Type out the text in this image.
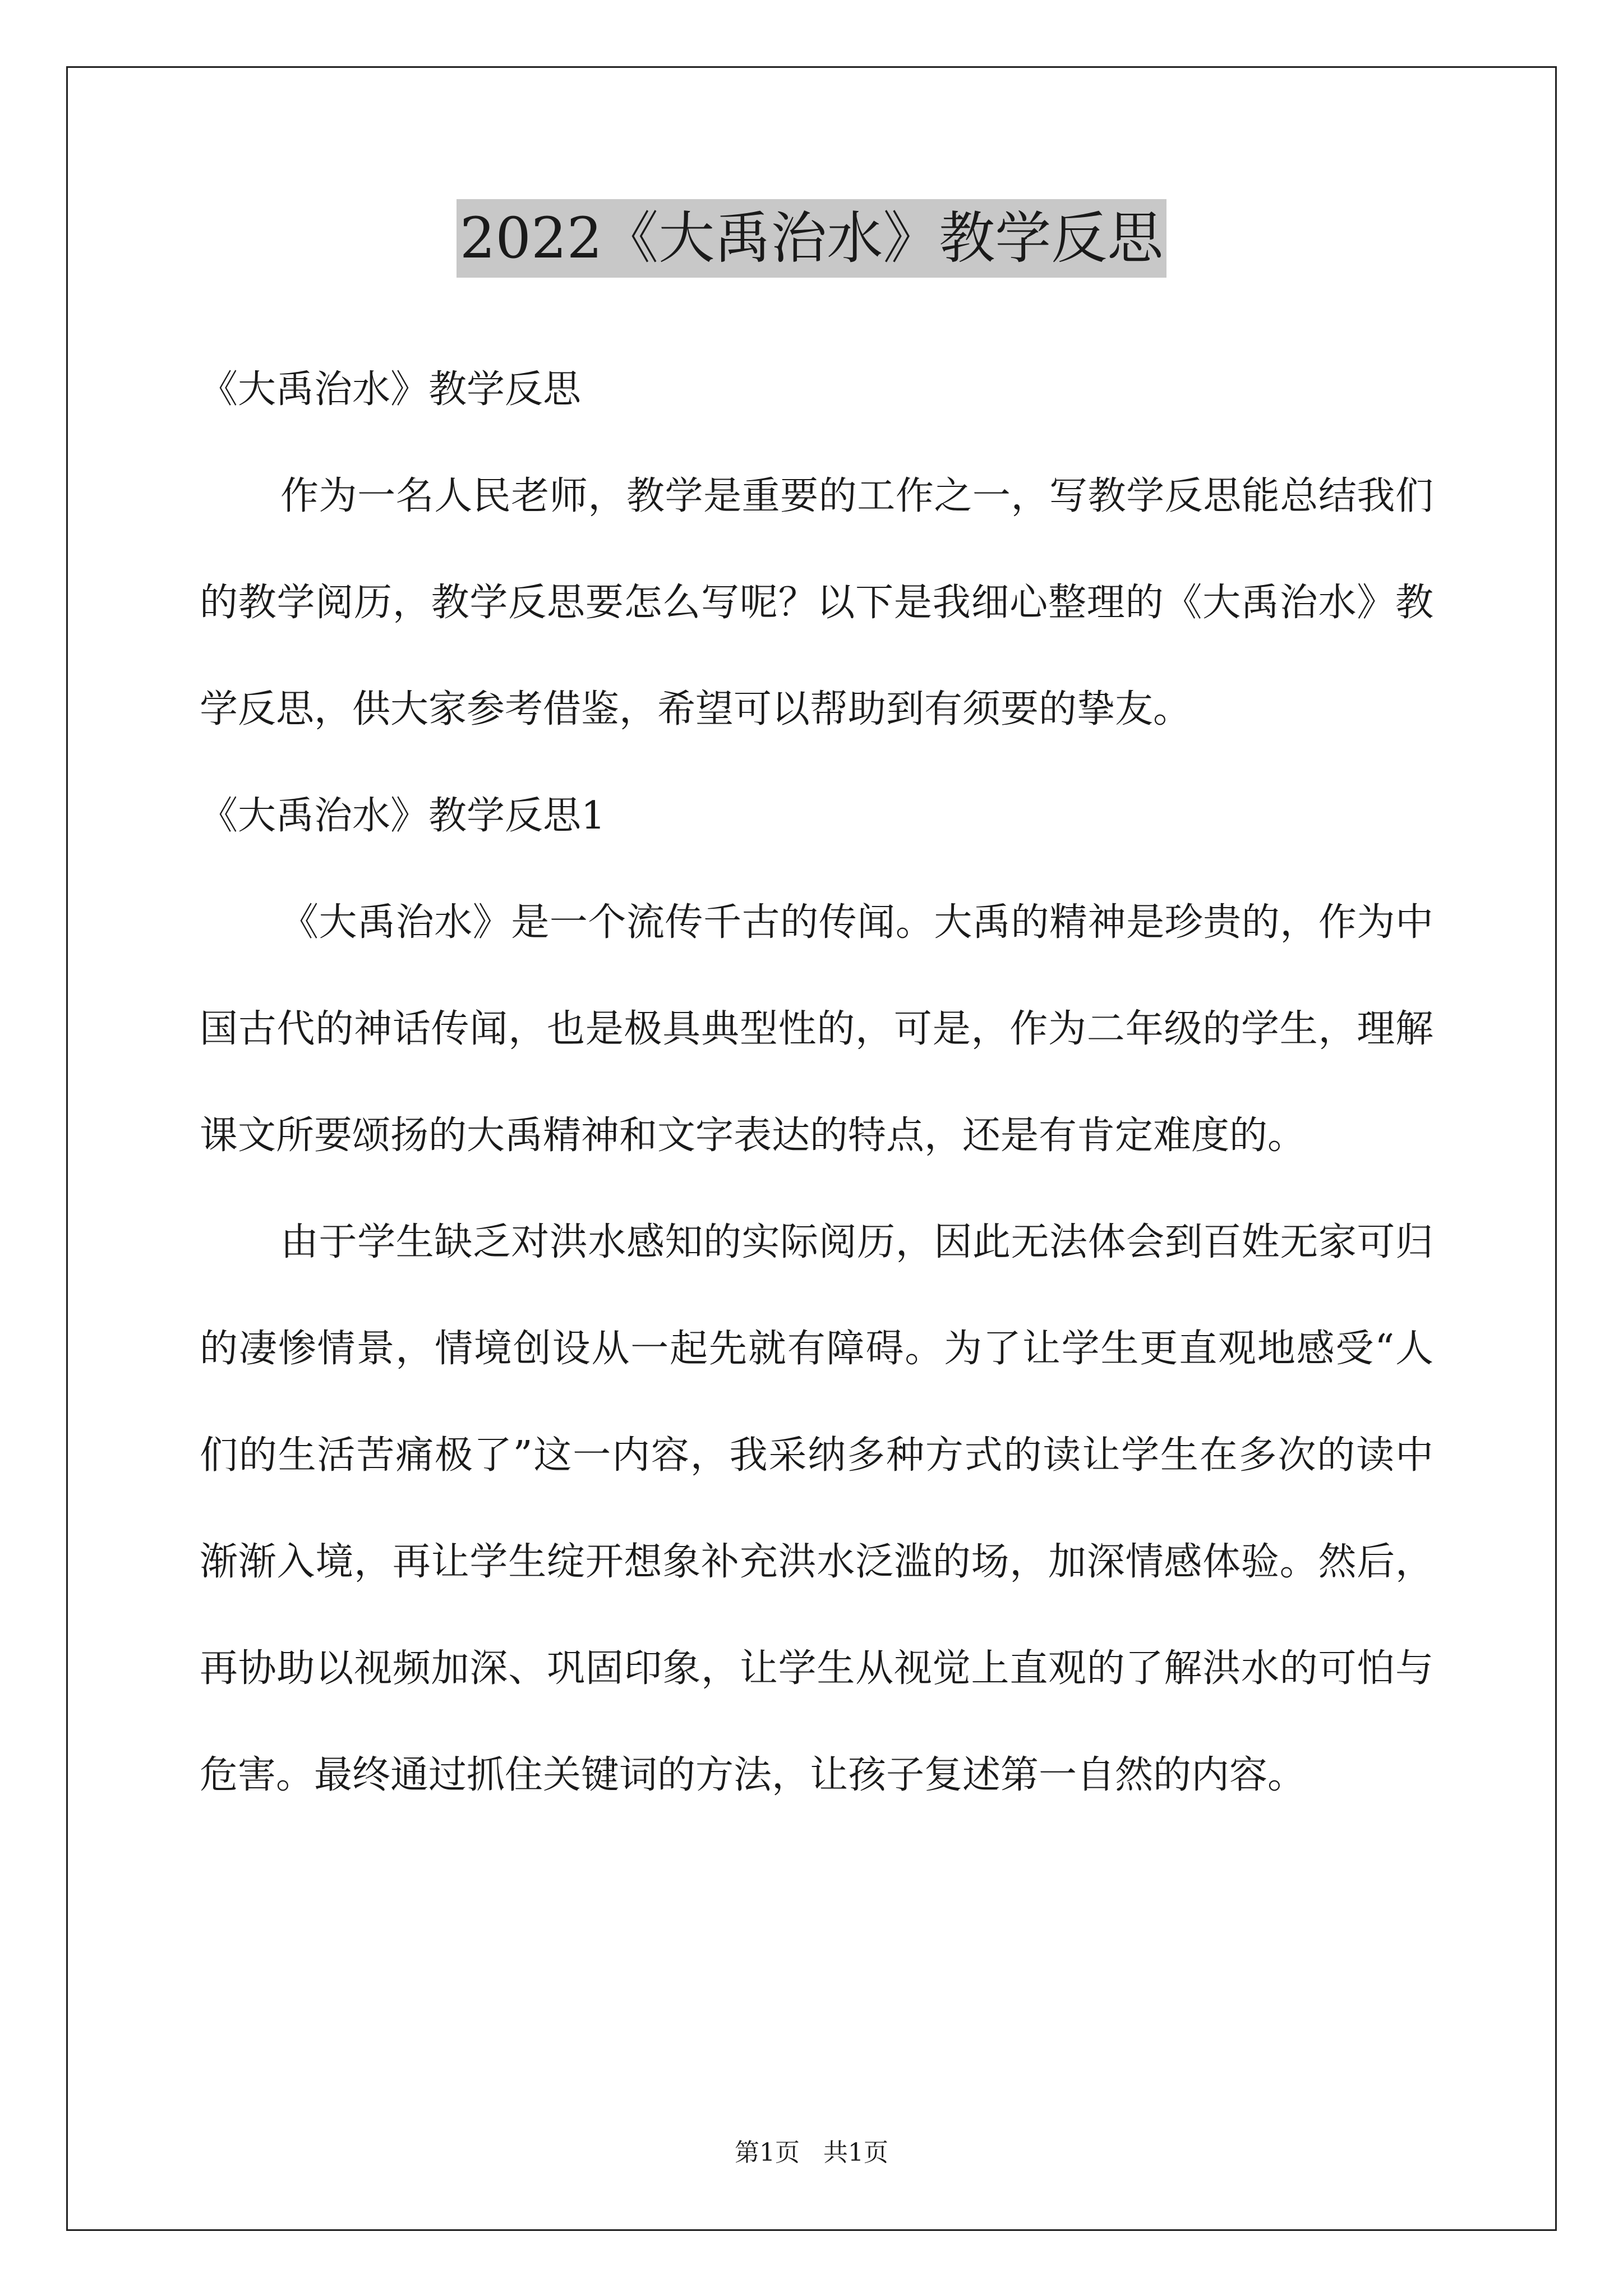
2022《大禹治水》教学反思

《大禹治水》教学反思

作为一名人民老师，教学是重要的工作之一，写教学反思能总结我们的教学阅历，教学反思要怎么写呢？以下是我细心整理的《大禹治水》教学反思，供大家参考借鉴，希望可以帮助到有须要的挚友。

《大禹治水》教学反思1

《大禹治水》是一个流传千古的传闻。大禹的精神是珍贵的，作为中国古代的神话传闻，也是极具典型性的，可是，作为二年级的学生，理解课文所要颂扬的大禹精神和文字表达的特点，还是有肯定难度的。

由于学生缺乏对洪水感知的实际阅历，因此无法体会到百姓无家可归的凄惨情景，情境创设从一起先就有障碍。为了让学生更直观地感受“人们的生活苦痛极了”这一内容，我采纳多种方式的读让学生在多次的读中渐渐入境，再让学生绽开想象补充洪水泛滥的场，加深情感体验。然后，再协助以视频加深、巩固印象，让学生从视觉上直观的了解洪水的可怕与危害。最终通过抓住关键词的方法，让孩子复述第一自然的内容。

第1页   共1页
